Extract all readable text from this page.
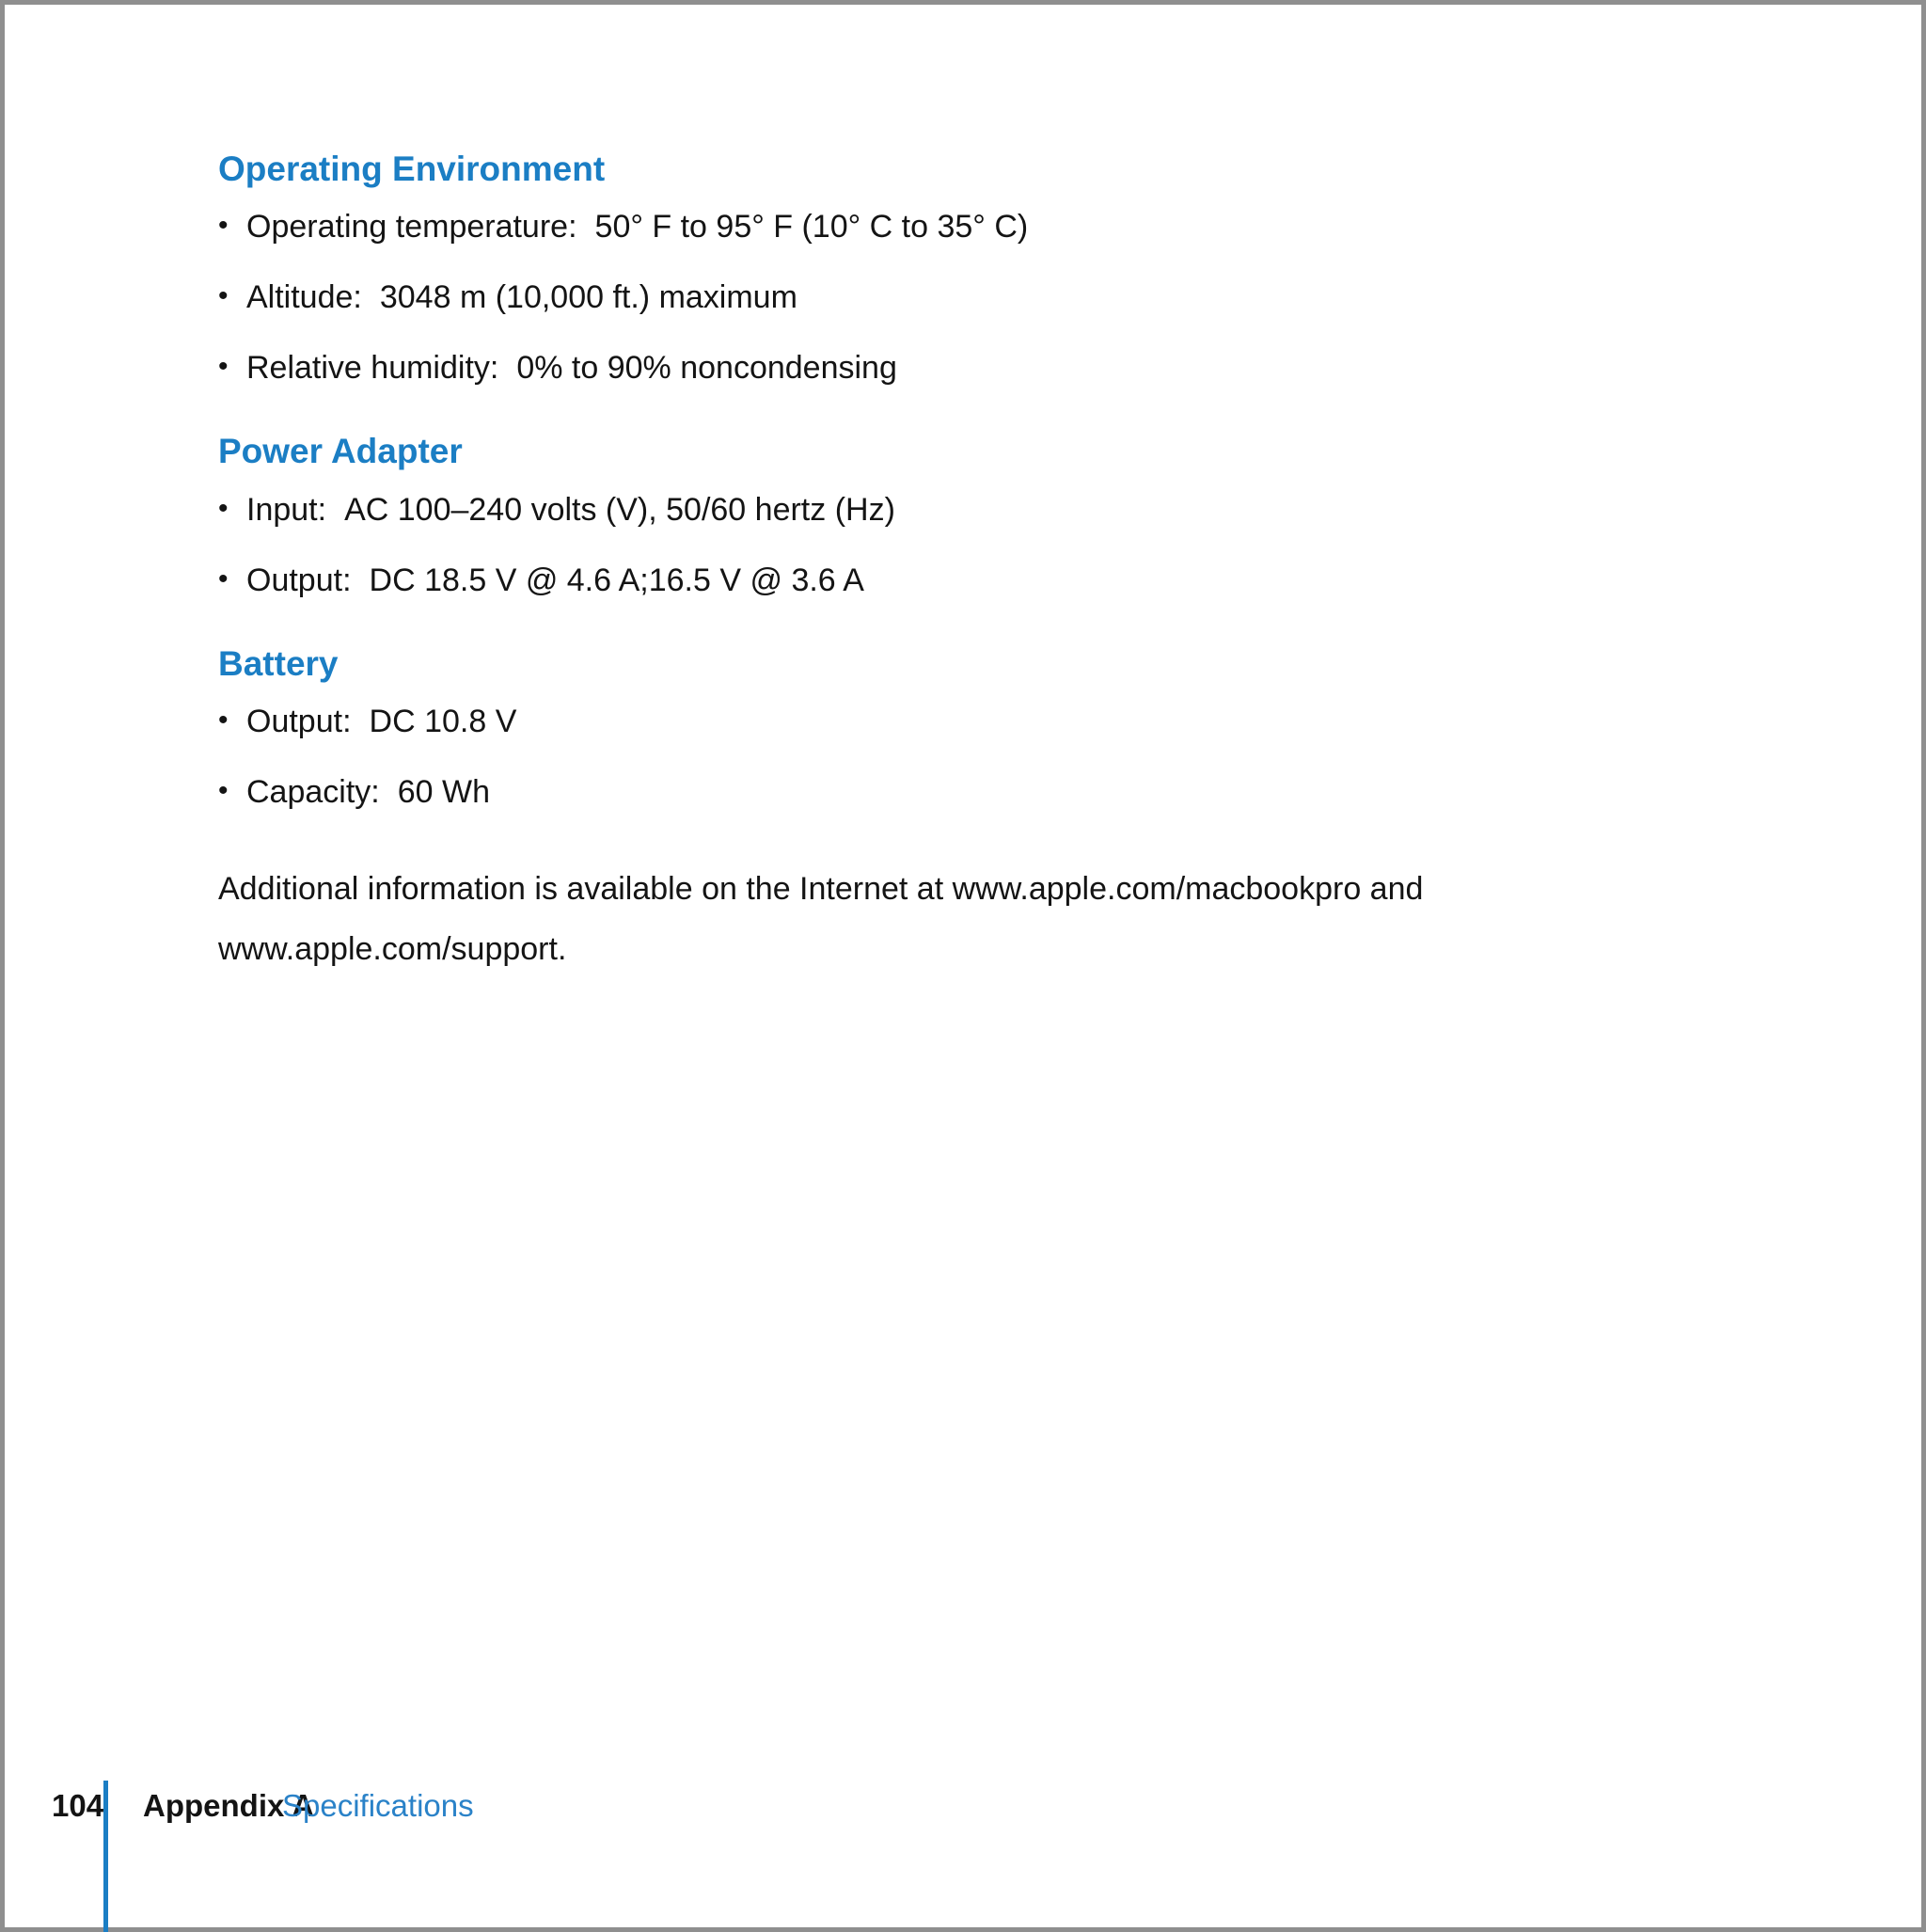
Operating Environment
• Operating temperature: 50° F to 95° F (10° C to 35° C)
• Altitude: 3048 m (10,000 ft.) maximum
• Relative humidity: 0% to 90% noncondensing
Power Adapter
• Input: AC 100–240 volts (V), 50/60 hertz (Hz)
• Output: DC 18.5 V @ 4.6 A;16.5 V @ 3.6 A
Battery
• Output: DC 10.8 V
• Capacity: 60 Wh

Additional information is available on the Internet at www.apple.com/macbookpro and www.apple.com/support.

104 Appendix A
Specifications
